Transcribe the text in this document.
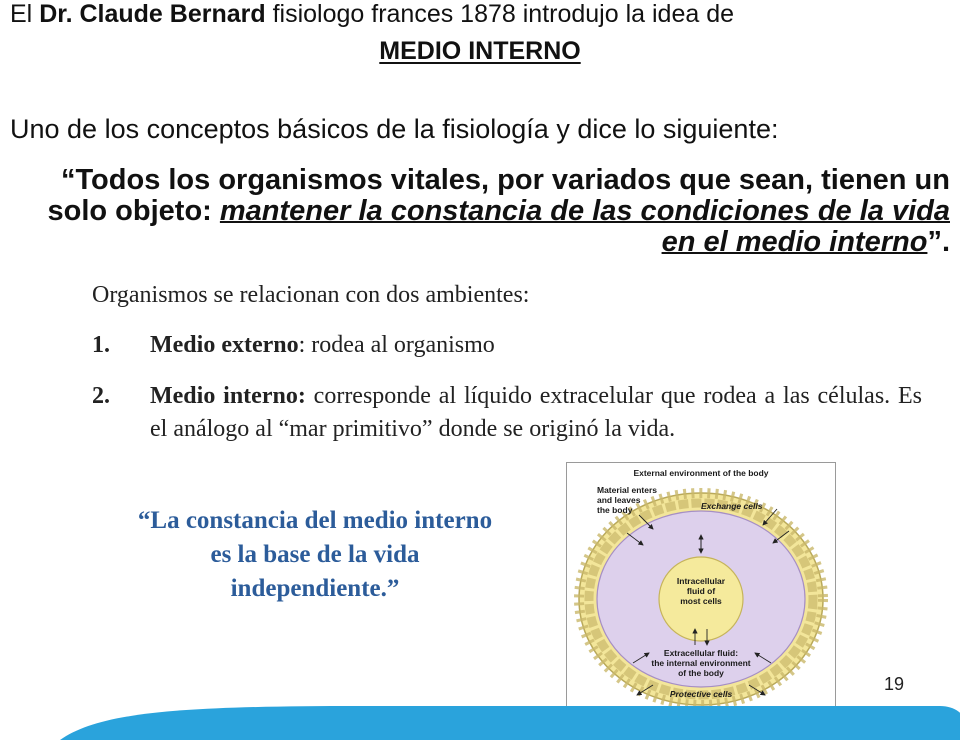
El Dr. Claude Bernard fisiologo frances 1878 introdujo la idea de
MEDIO INTERNO
Uno de los conceptos básicos de la fisiología y dice lo siguiente:
“Todos los organismos vitales, por variados que sean, tienen un solo objeto: mantener la constancia de las condiciones de la vida en el medio interno”.
Organismos se relacionan con dos ambientes:
1. Medio externo: rodea al organismo
2. Medio interno: corresponde al líquido extracelular que rodea a las células. Es el análogo al “mar primitivo” donde se originó la vida.
“La constancia del medio interno
es la base de la vida
independiente.”
External environment of the body
Material enters
and leaves
the body	Exchange cells
Intracellular
fluid of
most cells
Extracellular fluid:
the internal environment
of the body
Protective cells	19
